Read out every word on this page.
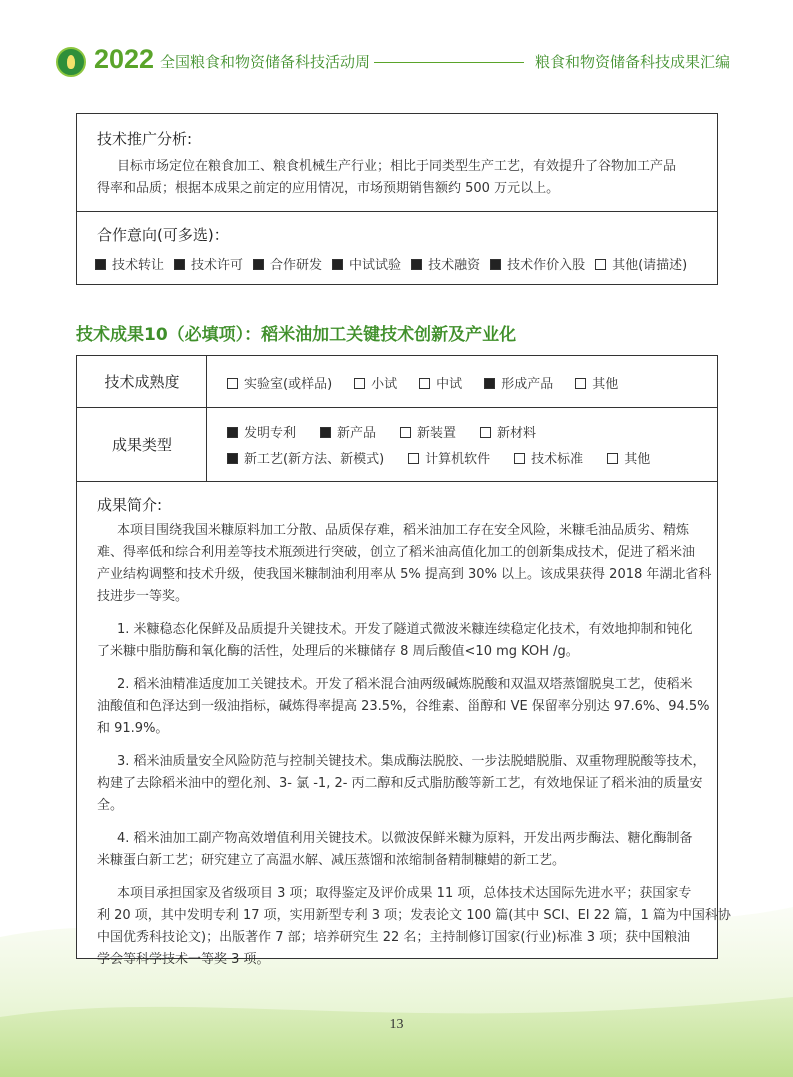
2022 全国粮食和物资储备科技活动周	粮食和物资储备科技成果汇编
技术推广分析:
目标市场定位在粮食加工、粮食机械生产行业；相比于同类型生产工艺，有效提升了谷物加工产品
得率和品质；根据本成果之前定的应用情况，市场预期销售额约 500 万元以上。
合作意向(可多选)：
技术转让 技术许可 合作研发 中试试验 技术融资 技术作价入股 其他(请描述)
技术成果10（必填项）：稻米油加工关键技术创新及产业化
技术成熟度	实验室(或样品)	小试	中试	形成产品	其他
成果类型
发明专利	新产品	新装置	新材料
新工艺(新方法、新模式)	计算机软件	技术标准	其他
成果简介:
本项目围绕我国米糠原料加工分散、品质保存难，稻米油加工存在安全风险，米糠毛油品质劣、精炼
难、得率低和综合利用差等技术瓶颈进行突破，创立了稻米油高值化加工的创新集成技术，促进了稻米油
产业结构调整和技术升级，使我国米糠制油利用率从 5% 提高到 30% 以上。该成果获得 2018 年湖北省科
技进步一等奖。
1. 米糠稳态化保鲜及品质提升关键技术。开发了隧道式微波米糠连续稳定化技术，有效地抑制和钝化
了米糠中脂肪酶和氧化酶的活性，处理后的米糠储存 8 周后酸值<10 mg KOH /g。
2. 稻米油精准适度加工关键技术。开发了稻米混合油两级碱炼脱酸和双温双塔蒸馏脱臭工艺，使稻米
油酸值和色泽达到一级油指标，碱炼得率提高 23.5%，谷维素、甾醇和 VE 保留率分别达 97.6%、94.5%
和 91.9%。
3. 稻米油质量安全风险防范与控制关键技术。集成酶法脱胶、一步法脱蜡脱脂、双重物理脱酸等技术，
构建了去除稻米油中的塑化剂、3- 氯 -1, 2- 丙二醇和反式脂肪酸等新工艺，有效地保证了稻米油的质量安
全。
4. 稻米油加工副产物高效增值利用关键技术。以微波保鲜米糠为原料，开发出两步酶法、糖化酶制备
米糠蛋白新工艺；研究建立了高温水解、减压蒸馏和浓缩制备精制糠蜡的新工艺。
本项目承担国家及省级项目 3 项；取得鉴定及评价成果 11 项，总体技术达国际先进水平；获国家专
利 20 项，其中发明专利 17 项，实用新型专利 3 项；发表论文 100 篇(其中 SCI、EI 22 篇，1 篇为中国科协
中国优秀科技论文)；出版著作 7 部；培养研究生 22 名；主持制修订国家(行业)标准 3 项；获中国粮油
学会等科学技术一等奖 3 项。
13
